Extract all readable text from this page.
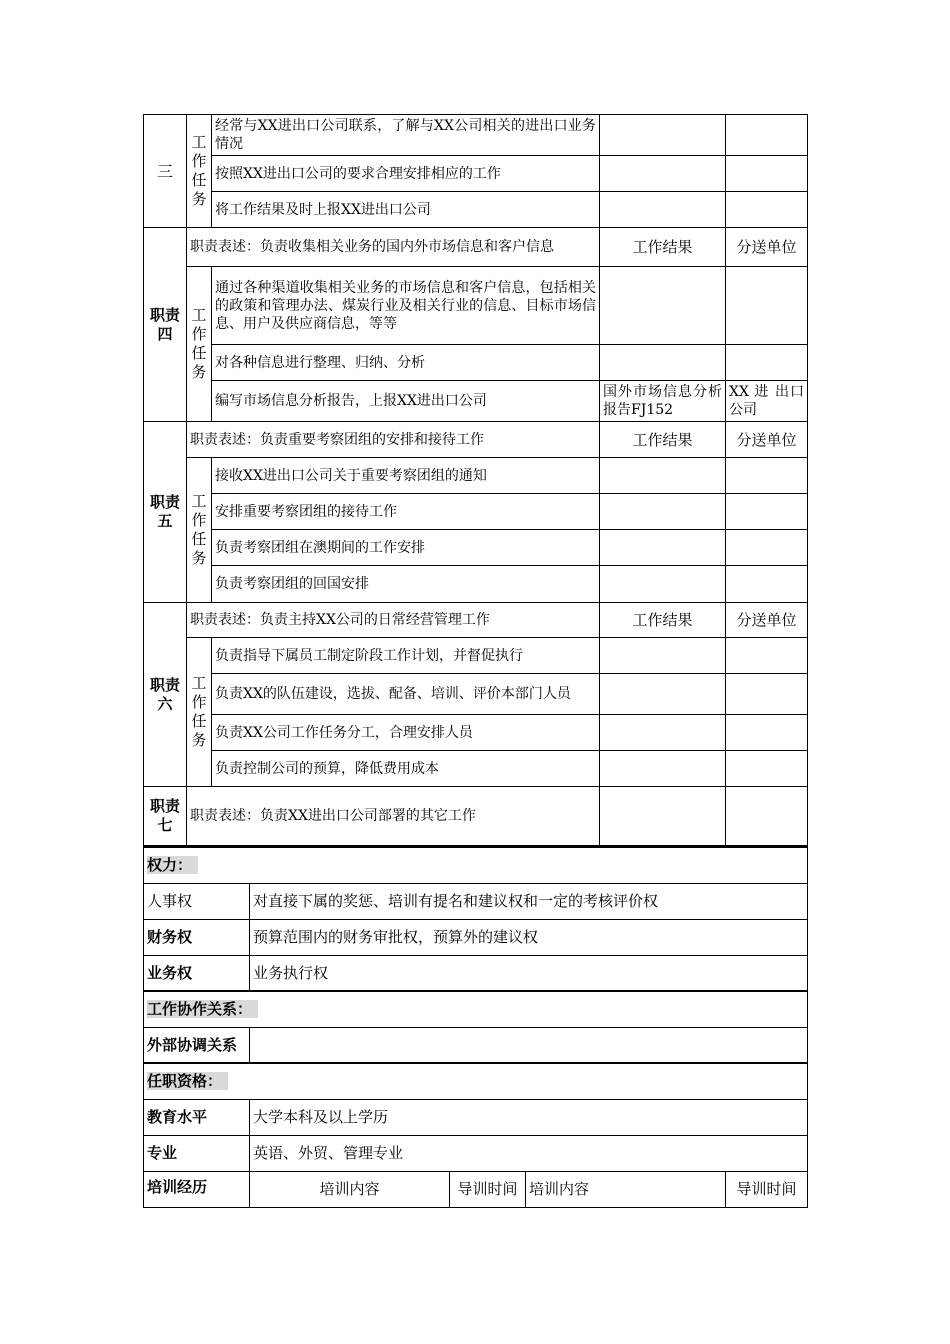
三	工作任务	经常与XX进出口公司联系，了解与XX公司相关的进出口业务情况		
		按照XX进出口公司的要求合理安排相应的工作		
		将工作结果及时上报XX进出口公司		
职责四	职责表述：负责收集相关业务的国内外市场信息和客户信息		工作结果	分送单位
	工作任务	通过各种渠道收集相关业务的市场信息和客户信息，包括相关的政策和管理办法、煤炭行业及相关行业的信息、目标市场信息、用户及供应商信息，等等		
		对各种信息进行整理、归纳、分析		
		编写市场信息分析报告，上报XX进出口公司	国外市场信息分析报告FJ152	XX 进 出口公司
职责五	职责表述：负责重要考察团组的安排和接待工作		工作结果	分送单位
	工作任务	接收XX进出口公司关于重要考察团组的通知		
		安排重要考察团组的接待工作		
		负责考察团组在澳期间的工作安排		
		负责考察团组的回国安排		
职责六	职责表述：负责主持XX公司的日常经营管理工作		工作结果	分送单位
	工作任务	负责指导下属员工制定阶段工作计划，并督促执行		
		负责XX的队伍建设，选拔、配备、培训、评价本部门人员		
		负责XX公司工作任务分工，合理安排人员		
		负责控制公司的预算，降低费用成本		
职责七	职责表述：负责XX进出口公司部署的其它工作			
权力：				
人事权	对直接下属的奖惩、培训有提名和建议权和一定的考核评价权			
财务权	预算范围内的财务审批权，预算外的建议权			
业务权	业务执行权			
工作协作关系：				
外部协调关系				
任职资格：				
教育水平	大学本科及以上学历			
专业	英语、外贸、管理专业			
培训经历	培训内容	导训时间	培训内容	导训时间
